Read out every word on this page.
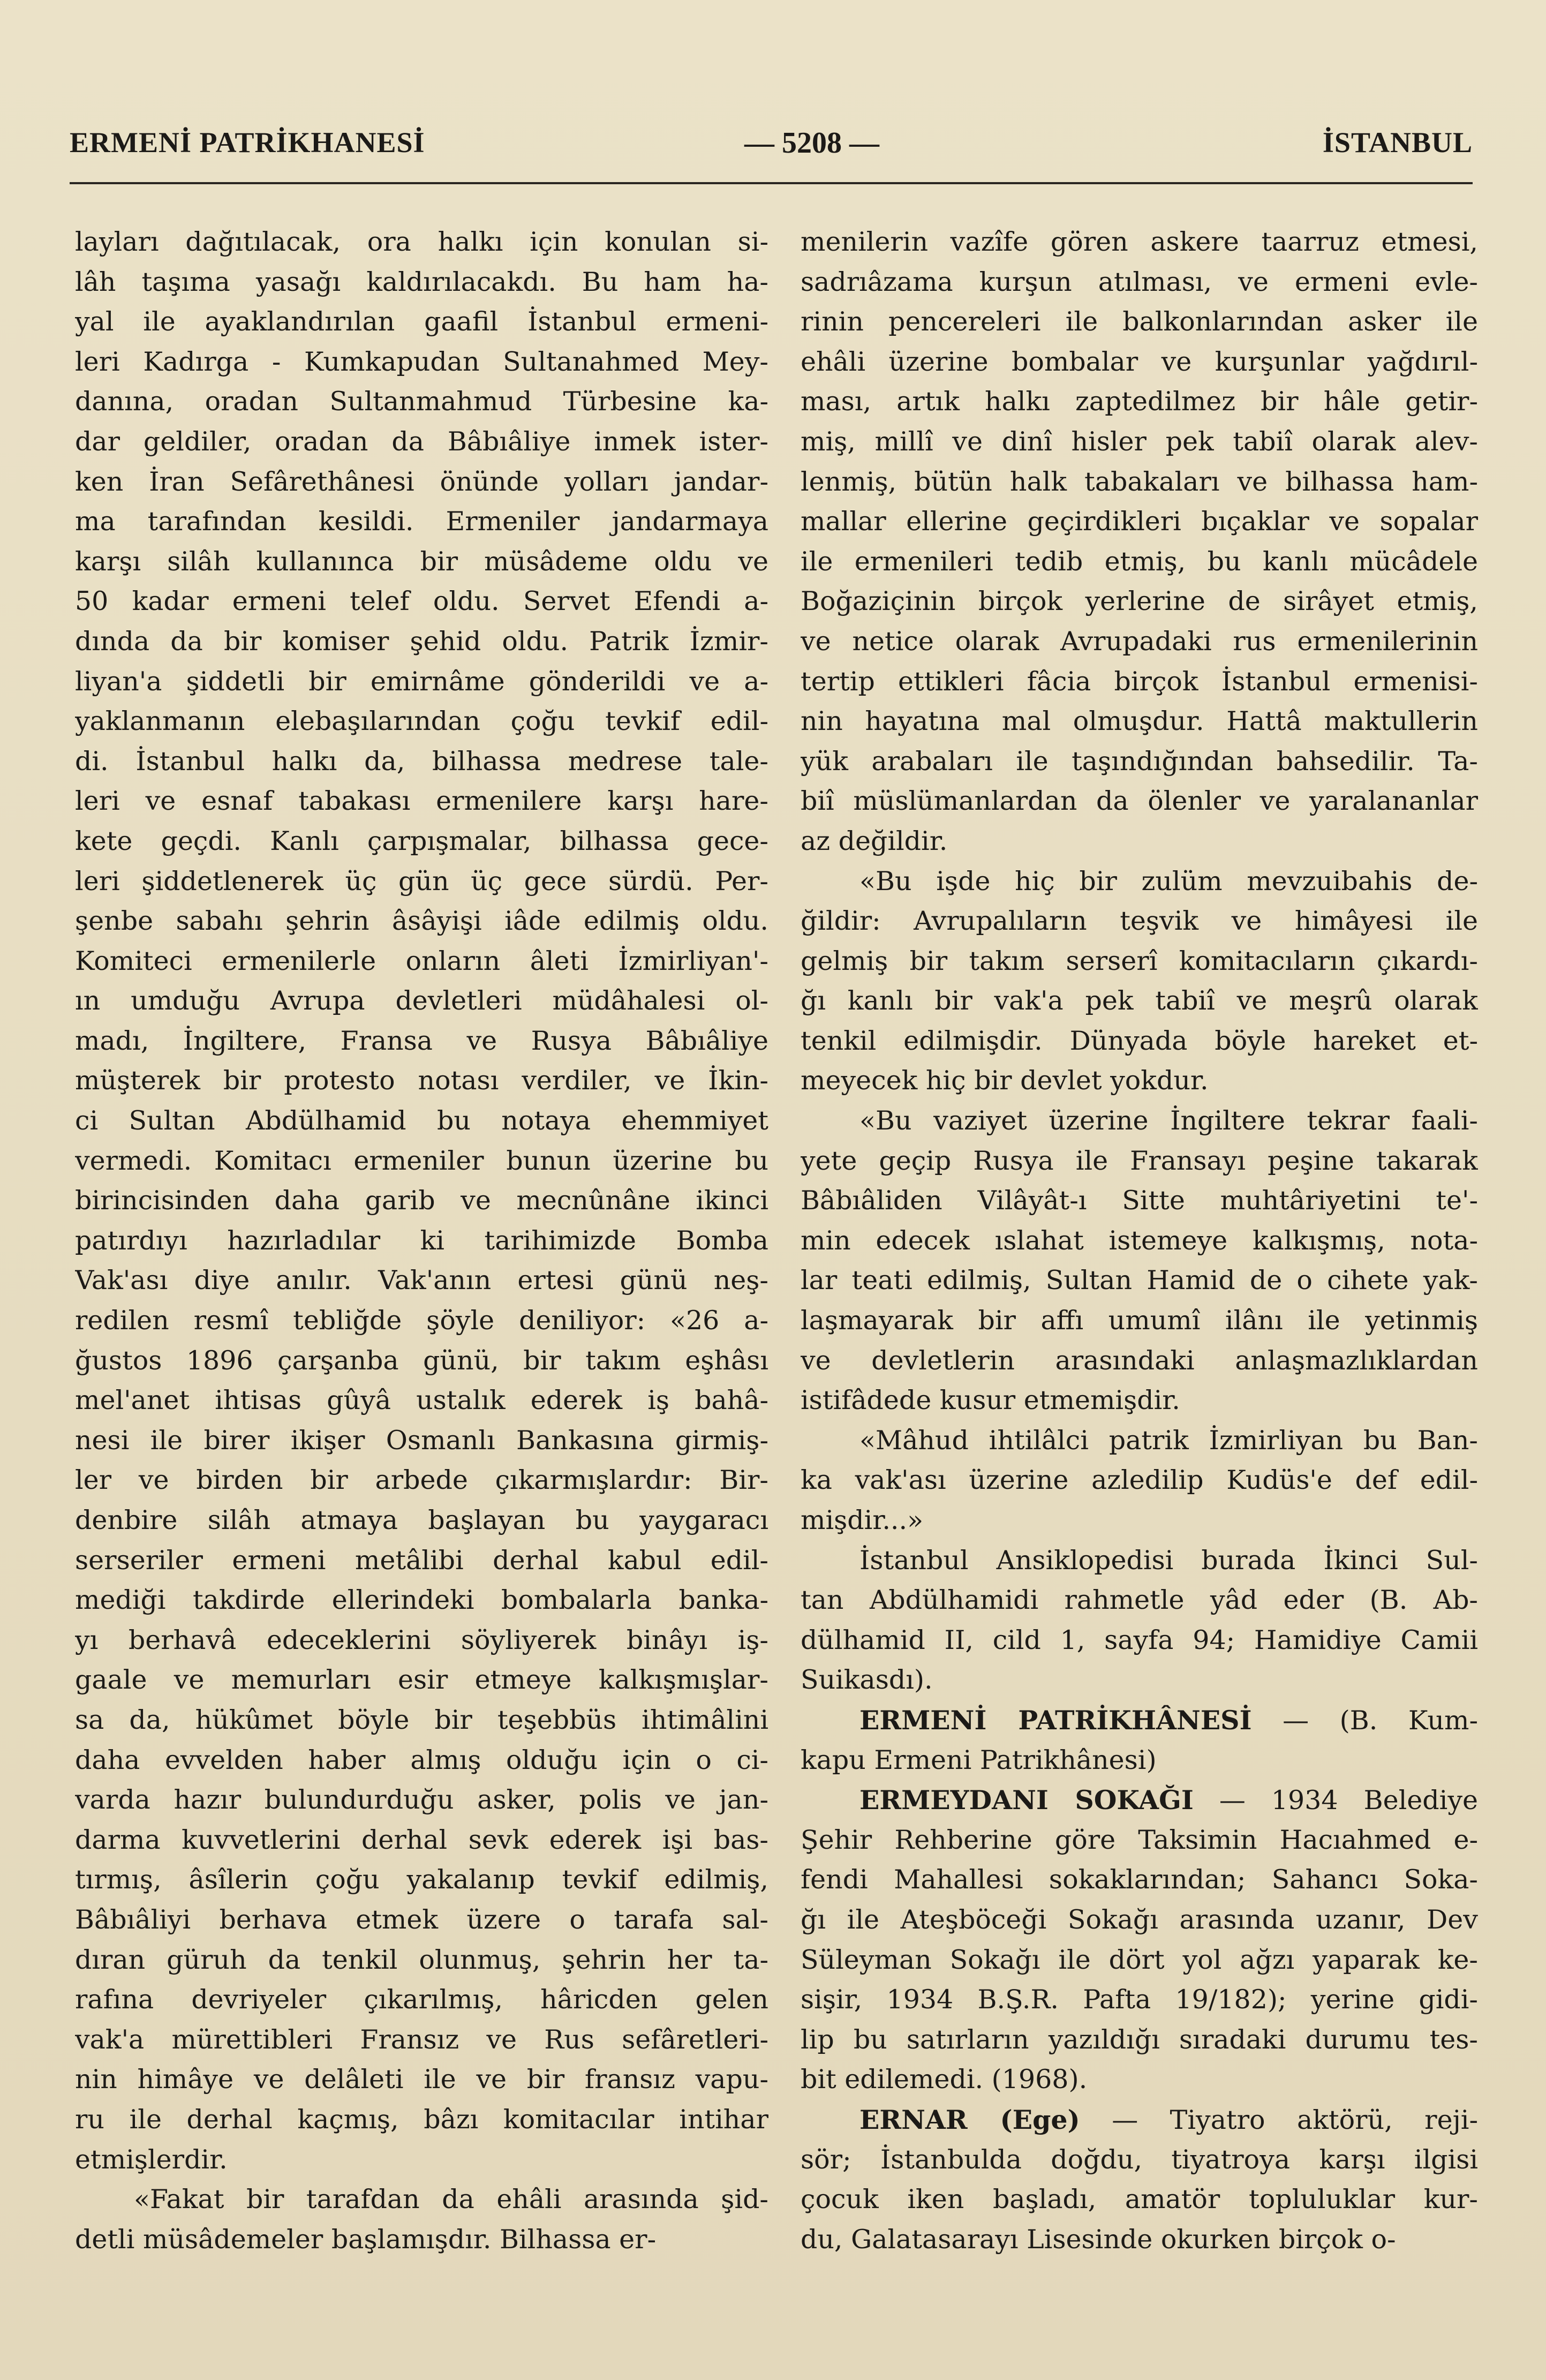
ERMENİ PATRİKHANESİ	— 5208 —	İSTANBUL
layları dağıtılacak, ora halkı için konulan si-
lâh taşıma yasağı kaldırılacakdı. Bu ham ha-
yal ile ayaklandırılan gaafil İstanbul ermeni-
leri Kadırga - Kumkapudan Sultanahmed Mey-
danına, oradan Sultanmahmud Türbesine ka-
dar geldiler, oradan da Bâbıâliye inmek ister-
ken İran Sefârethânesi önünde yolları jandar-
ma tarafından kesildi. Ermeniler jandarmaya
karşı silâh kullanınca bir müsâdeme oldu ve
50 kadar ermeni telef oldu. Servet Efendi a-
dında da bir komiser şehid oldu. Patrik İzmir-
liyan'a şiddetli bir emirnâme gönderildi ve a-
yaklanmanın elebaşılarından çoğu tevkif edil-
di. İstanbul halkı da, bilhassa medrese tale-
leri ve esnaf tabakası ermenilere karşı hare-
kete geçdi. Kanlı çarpışmalar, bilhassa gece-
leri şiddetlenerek üç gün üç gece sürdü. Per-
şenbe sabahı şehrin âsâyişi iâde edilmiş oldu.
Komiteci ermenilerle onların âleti İzmirliyan'-
ın umduğu Avrupa devletleri müdâhalesi ol-
madı, İngiltere, Fransa ve Rusya Bâbıâliye
müşterek bir protesto notası verdiler, ve İkin-
ci Sultan Abdülhamid bu notaya ehemmiyet
vermedi. Komitacı ermeniler bunun üzerine bu
birincisinden daha garib ve mecnûnâne ikinci
patırdıyı hazırladılar ki tarihimizde Bomba
Vak'ası diye anılır. Vak'anın ertesi günü neş-
redilen resmî tebliğde şöyle deniliyor: «26 a-
ğustos 1896 çarşanba günü, bir takım eşhâsı
mel'anet ihtisas gûyâ ustalık ederek iş bahâ-
nesi ile birer ikişer Osmanlı Bankasına girmiş-
ler ve birden bir arbede çıkarmışlardır: Bir-
denbire silâh atmaya başlayan bu yaygaracı
serseriler ermeni metâlibi derhal kabul edil-
mediği takdirde ellerindeki bombalarla banka-
yı berhavâ edeceklerini söyliyerek binâyı iş-
gaale ve memurları esir etmeye kalkışmışlar-
sa da, hükûmet böyle bir teşebbüs ihtimâlini
daha evvelden haber almış olduğu için o ci-
varda hazır bulundurduğu asker, polis ve jan-
darma kuvvetlerini derhal sevk ederek işi bas-
tırmış, âsîlerin çoğu yakalanıp tevkif edilmiş,
Bâbıâliyi berhava etmek üzere o tarafa sal-
dıran güruh da tenkil olunmuş, şehrin her ta-
rafına devriyeler çıkarılmış, hâricden gelen
vak'a mürettibleri Fransız ve Rus sefâretleri-
nin himâye ve delâleti ile ve bir fransız vapu-
ru ile derhal kaçmış, bâzı komitacılar intihar
etmişlerdir.
«Fakat bir tarafdan da ehâli arasında şid-
detli müsâdemeler başlamışdır. Bilhassa er-
menilerin vazîfe gören askere taarruz etmesi,
sadrıâzama kurşun atılması, ve ermeni evle-
rinin pencereleri ile balkonlarından asker ile
ehâli üzerine bombalar ve kurşunlar yağdırıl-
ması, artık halkı zaptedilmez bir hâle getir-
miş, millî ve dinî hisler pek tabiî olarak alev-
lenmiş, bütün halk tabakaları ve bilhassa ham-
mallar ellerine geçirdikleri bıçaklar ve sopalar
ile ermenileri tedib etmiş, bu kanlı mücâdele
Boğaziçinin birçok yerlerine de sirâyet etmiş,
ve netice olarak Avrupadaki rus ermenilerinin
tertip ettikleri fâcia birçok İstanbul ermenisi-
nin hayatına mal olmuşdur. Hattâ maktullerin
yük arabaları ile taşındığından bahsedilir. Ta-
biî müslümanlardan da ölenler ve yaralananlar
az değildir.
«Bu işde hiç bir zulüm mevzuibahis de-
ğildir: Avrupalıların teşvik ve himâyesi ile
gelmiş bir takım serserî komitacıların çıkardı-
ğı kanlı bir vak'a pek tabiî ve meşrû olarak
tenkil edilmişdir. Dünyada böyle hareket et-
meyecek hiç bir devlet yokdur.
«Bu vaziyet üzerine İngiltere tekrar faali-
yete geçip Rusya ile Fransayı peşine takarak
Bâbıâliden Vilâyât-ı Sitte muhtâriyetini te'-
min edecek ıslahat istemeye kalkışmış, nota-
lar teati edilmiş, Sultan Hamid de o cihete yak-
laşmayarak bir affı umumî ilânı ile yetinmiş
ve devletlerin arasındaki anlaşmazlıklardan
istifâdede kusur etmemişdir.
«Mâhud ihtilâlci patrik İzmirliyan bu Ban-
ka vak'ası üzerine azledilip Kudüs'e def edil-
mişdir...»
İstanbul Ansiklopedisi burada İkinci Sul-
tan Abdülhamidi rahmetle yâd eder (B. Ab-
dülhamid II, cild 1, sayfa 94; Hamidiye Camii
Suikasdı).
ERMENİ PATRİKHÂNESİ — (B. Kum-
kapu Ermeni Patrikhânesi)
ERMEYDANI SOKAĞI — 1934 Belediye
Şehir Rehberine göre Taksimin Hacıahmed e-
fendi Mahallesi sokaklarından; Sahancı Soka-
ğı ile Ateşböceği Sokağı arasında uzanır, Dev
Süleyman Sokağı ile dört yol ağzı yaparak ke-
sişir, 1934 B.Ş.R. Pafta 19/182); yerine gidi-
lip bu satırların yazıldığı sıradaki durumu tes-
bit edilemedi. (1968).
ERNAR (Ege) — Tiyatro aktörü, reji-
sör; İstanbulda doğdu, tiyatroya karşı ilgisi
çocuk iken başladı, amatör topluluklar kur-
du, Galatasarayı Lisesinde okurken birçok o-
